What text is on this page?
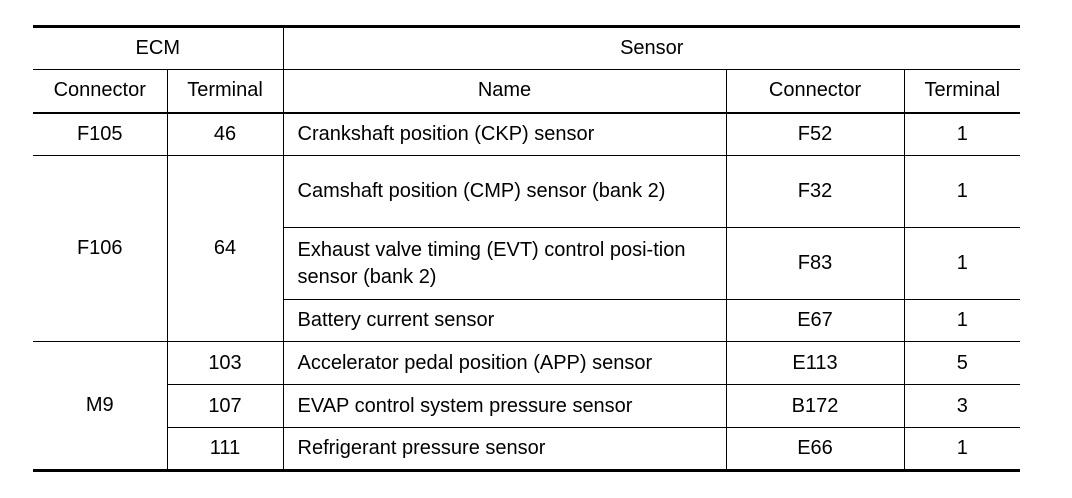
ECM		Sensor		
Connector	Terminal	Name	Connector	Terminal
F105	46	Crankshaft position (CKP) sensor	F52	1
F106	64	Camshaft position (CMP) sensor (bank 2)	F32	1
		Exhaust valve timing (EVT) control posi-tion sensor (bank 2)	F83	1
		Battery current sensor	E67	1
M9	103	Accelerator pedal position (APP) sensor	E113	5
	107	EVAP control system pressure sensor	B172	3
	111	Refrigerant pressure sensor	E66	1
